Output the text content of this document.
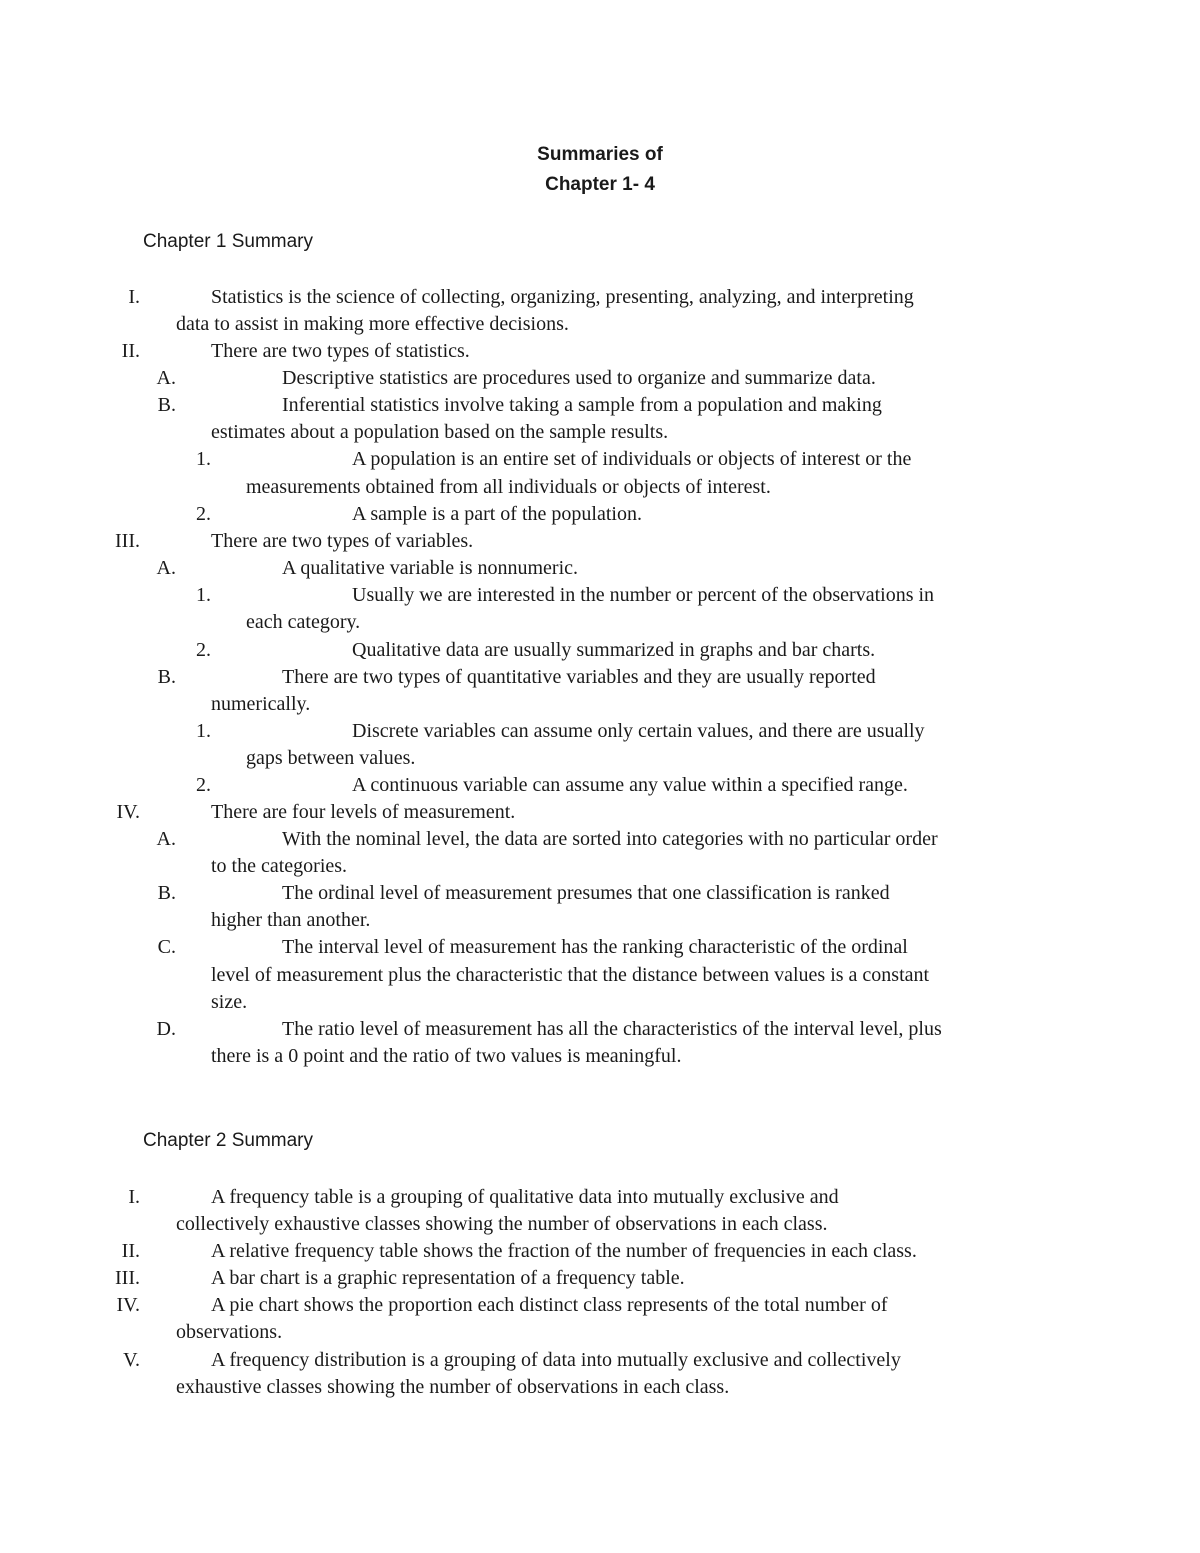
Summaries of
Chapter 1- 4
Chapter 1 Summary
I.	Statistics is the science of collecting, organizing, presenting, analyzing, and interpreting
data to assist in making more effective decisions.
II.	There are two types of statistics.
A.	Descriptive statistics are procedures used to organize and summarize data.
B.	Inferential statistics involve taking a sample from a population and making
estimates about a population based on the sample results.
1.	A population is an entire set of individuals or objects of interest or the
measurements obtained from all individuals or objects of interest.
2.	A sample is a part of the population.
III.	There are two types of variables.
A.	A qualitative variable is nonnumeric.
1.	Usually we are interested in the number or percent of the observations in
each category.
2.	Qualitative data are usually summarized in graphs and bar charts.
B.	There are two types of quantitative variables and they are usually reported
numerically.
1.	Discrete variables can assume only certain values, and there are usually
gaps between values.
2.	A continuous variable can assume any value within a specified range.
IV.	There are four levels of measurement.
A.	With the nominal level, the data are sorted into categories with no particular order
to the categories.
B.	The ordinal level of measurement presumes that one classification is ranked
higher than another.
C.	The interval level of measurement has the ranking characteristic of the ordinal
level of measurement plus the characteristic that the distance between values is a constant
size.
D.	The ratio level of measurement has all the characteristics of the interval level, plus
there is a 0 point and the ratio of two values is meaningful.
Chapter 2 Summary
I.	A frequency table is a grouping of qualitative data into mutually exclusive and
collectively exhaustive classes showing the number of observations in each class.
II.	A relative frequency table shows the fraction of the number of frequencies in each class.
III.	A bar chart is a graphic representation of a frequency table.
IV.	A pie chart shows the proportion each distinct class represents of the total number of
observations.
V.	A frequency distribution is a grouping of data into mutually exclusive and collectively
exhaustive classes showing the number of observations in each class.
